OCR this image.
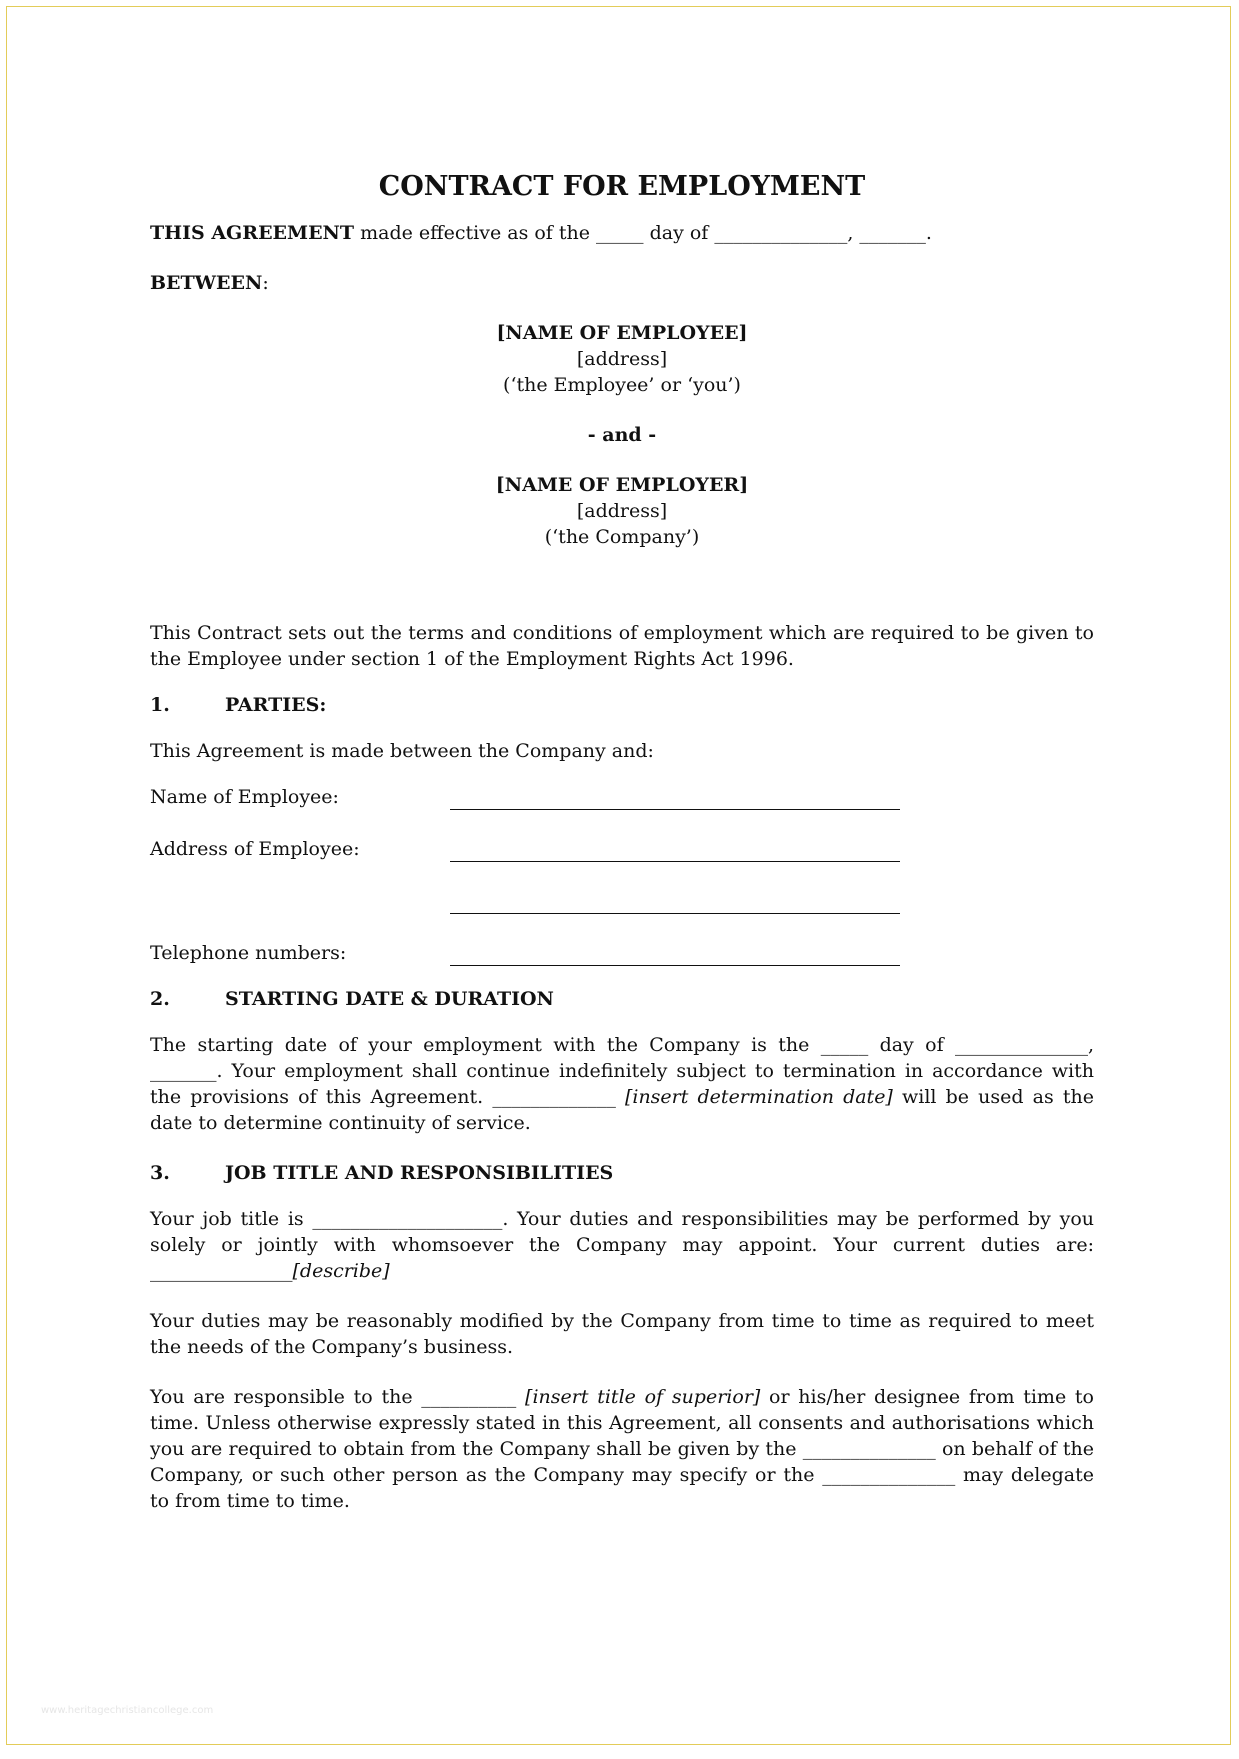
CONTRACT FOR EMPLOYMENT

THIS AGREEMENT made effective as of the _____ day of ______________, _______.

BETWEEN:

[NAME OF EMPLOYEE]

[address]

(‘the Employee’ or ‘you’)

- and -

[NAME OF EMPLOYER]

[address]

(‘the Company’)

This Contract sets out the terms and conditions of employment which are required to be given to the Employee under section 1 of the Employment Rights Act 1996.

1.	PARTIES:

This Agreement is made between the Company and:

Name of Employee:
Address of Employee:
Telephone numbers:
2.	STARTING DATE & DURATION

The starting date of your employment with the Company is the _____ day of ______________, _______. Your employment shall continue indefinitely subject to termination in accordance with the provisions of this Agreement. _____________ [insert determination date] will be used as the date to determine continuity of service.

3.	JOB TITLE AND RESPONSIBILITIES

Your job title is ____________________. Your duties and responsibilities may be performed by you solely or jointly with whomsoever the Company may appoint. Your current duties are: _______________[describe]

Your duties may be reasonably modified by the Company from time to time as required to meet the needs of the Company’s business.

You are responsible to the __________ [insert title of superior] or his/her designee from time to time. Unless otherwise expressly stated in this Agreement, all consents and authorisations which you are required to obtain from the Company shall be given by the ______________ on behalf of the Company, or such other person as the Company may specify or the ______________ may delegate to from time to time.

www.heritagechristiancollege.com
